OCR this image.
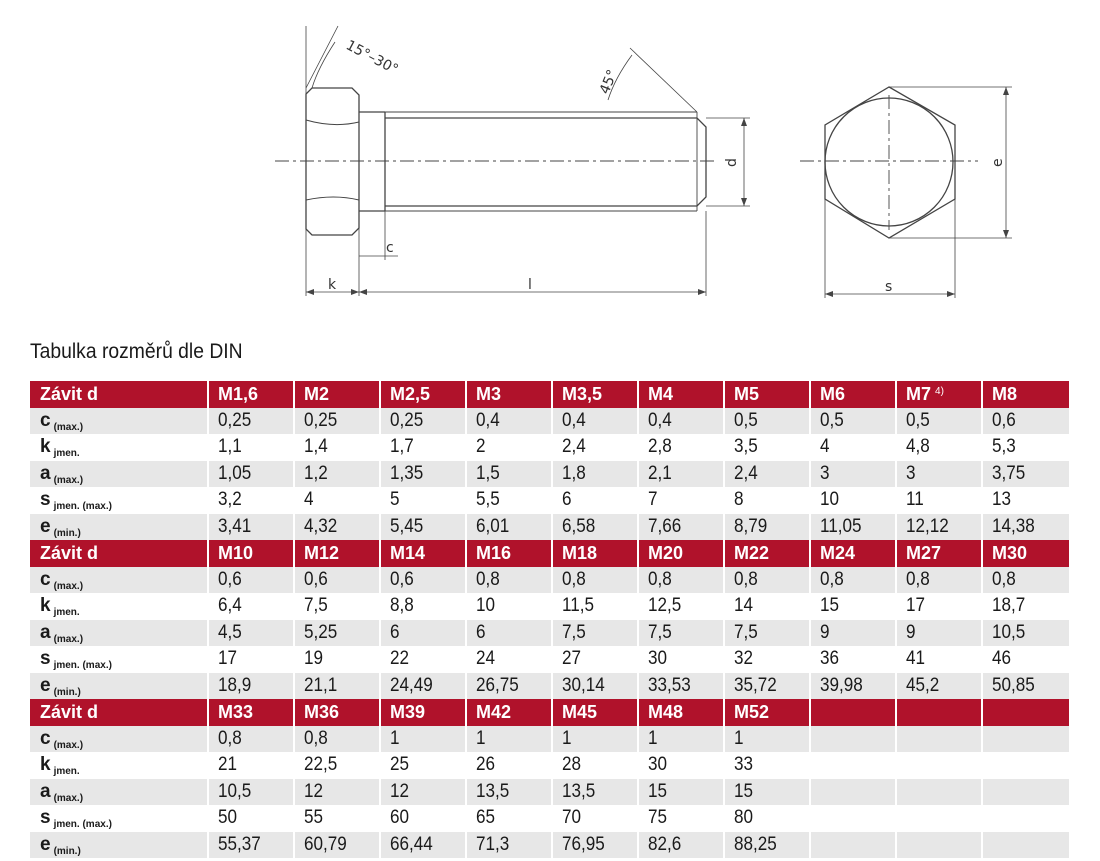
15°–30°
45°
d	e
c
k	l	s
Tabulka rozměrů dle DIN
Závit d	M1,6	M2	M2,5	M3	M3,5	M4	M5	M6	M7 $^{4)}$	M8
c $_{(max.)}$	0,25	0,25	0,25	0,4	0,4	0,4	0,5	0,5	0,5	0,6
k $_{jmen.}$	1,1	1,4	1,7	2	2,4	2,8	3,5	4	4,8	5,3
a $_{(max.)}$	1,05	1,2	1,35	1,5	1,8	2,1	2,4	3	3	3,75
s $_{jmen. (max.)}$	3,2	4	5	5,5	6	7	8	10	11	13
e $_{(min.)}$	3,41	4,32	5,45	6,01	6,58	7,66	8,79	11,05	12,12	14,38
Závit d	M10	M12	M14	M16	M18	M20	M22	M24	M27	M30
c $_{(max.)}$	0,6	0,6	0,6	0,8	0,8	0,8	0,8	0,8	0,8	0,8
k $_{jmen.}$	6,4	7,5	8,8	10	11,5	12,5	14	15	17	18,7
a $_{(max.)}$	4,5	5,25	6	6	7,5	7,5	7,5	9	9	10,5
s $_{jmen. (max.)}$	17	19	22	24	27	30	32	36	41	46
e $_{(min.)}$	18,9	21,1	24,49	26,75	30,14	33,53	35,72	39,98	45,2	50,85
Závit d	M33	M36	M39	M42	M45	M48	M52			
c $_{(max.)}$	0,8	0,8	1	1	1	1	1			
k $_{jmen.}$	21	22,5	25	26	28	30	33			
a $_{(max.)}$	10,5	12	12	13,5	13,5	15	15			
s $_{jmen. (max.)}$	50	55	60	65	70	75	80			
e $_{(min.)}$	55,37	60,79	66,44	71,3	76,95	82,6	88,25			
